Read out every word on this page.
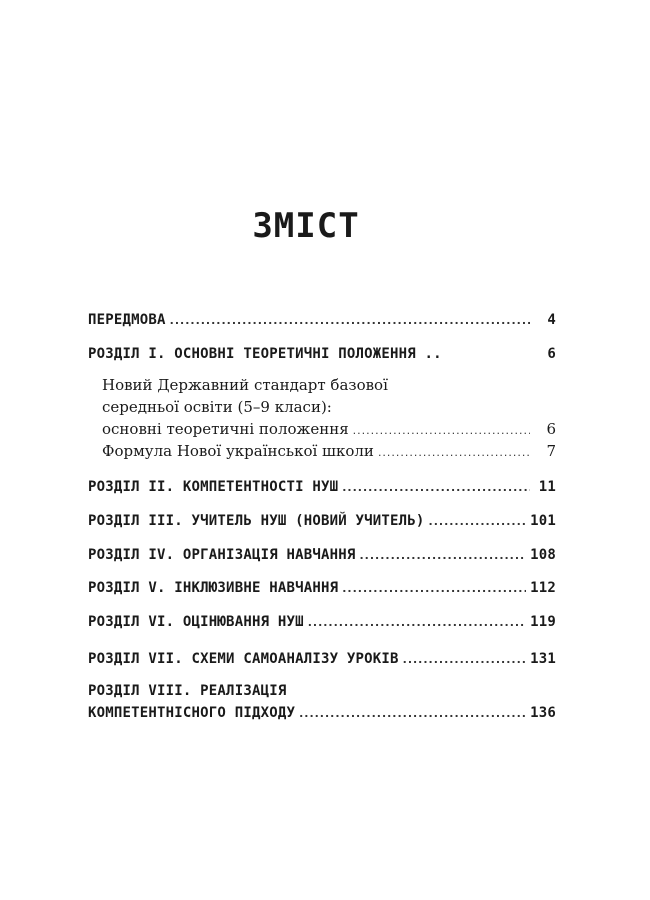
ЗМІСТ
ПЕРЕДМОВА .....	4
РОЗДІЛ I. ОСНОВНІ ТЕОРЕТИЧНІ ПОЛОЖЕННЯ ..	6
Новий Державний стандарт базової
середньої освіти (5–9 класи):
основні теоретичні положення .....	6
Формула Нової української школи .....	7
РОЗДІЛ II. КОМПЕТЕНТНОСТІ НУШ .....	11
РОЗДІЛ III. УЧИТЕЛЬ НУШ (НОВИЙ УЧИТЕЛЬ) .....	101
РОЗДІЛ IV. ОРГАНІЗАЦІЯ НАВЧАННЯ .....	108
РОЗДІЛ V. ІНКЛЮЗИВНЕ НАВЧАННЯ .....	112
РОЗДІЛ VI. ОЦІНЮВАННЯ НУШ .....	119
РОЗДІЛ VII. СХЕМИ САМОАНАЛІЗУ УРОКІВ .....	131
РОЗДІЛ VIII. РЕАЛІЗАЦІЯ
КОМПЕТЕНТНІСНОГО ПІДХОДУ .....	136
